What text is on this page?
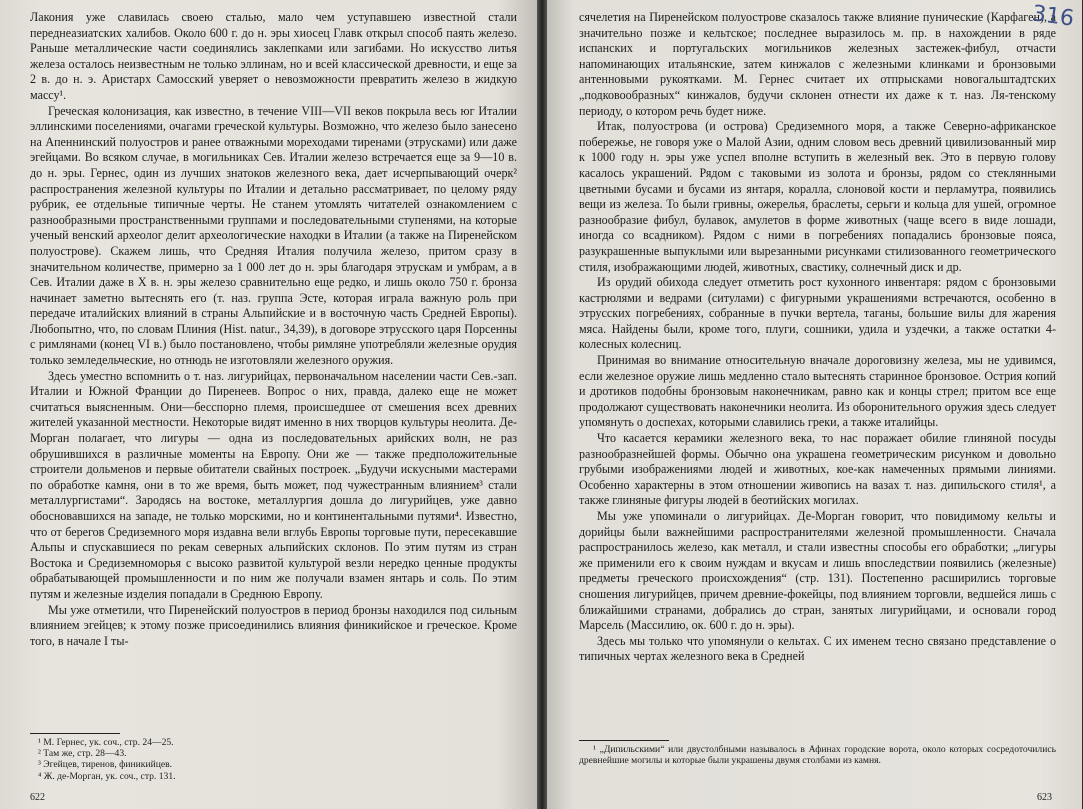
Лакония уже славилась своею сталью, мало чем уступавшею известной стали переднеазиатских халибов. Около 600 г. до н. эры хиосец Главк открыл способ паять железо. Раньше металлические части соединялись заклепками или загибами. Но искусство литья железа осталось неизвестным не только эллинам, но и всей классической древности, и еще за 2 в. до н. э. Аристарх Самосский уверяет о невозможности превратить железо в жидкую массу¹.

Греческая колонизация, как известно, в течение VIII—VII веков покрыла весь юг Италии эллинскими поселениями, очагами греческой культуры. Возможно, что железо было занесено на Апеннинский полуостров и ранее отважными мореходами тиренами (этрусками) или даже эгейцами. Во всяком случае, в могильниках Сев. Италии железо встречается еще за 9—10 в. до н. эры. Гернес, один из лучших знатоков железного века, дает исчерпывающий очерк² распространения железной культуры по Италии и детально рассматривает, по целому ряду рубрик, ее отдельные типичные черты. Не станем утомлять читателей ознакомлением с разнообразными пространственными группами и последовательными ступенями, на которые ученый венский археолог делит археологические находки в Италии (а также на Пиренейском полуострове). Скажем лишь, что Средняя Италия получила железо, притом сразу в значительном количестве, примерно за 1 000 лет до н. эры благодаря этрускам и умбрам, а в Сев. Италии даже в X в. н. эры железо сравнительно еще редко, и лишь около 750 г. бронза начинает заметно вытеснять его (т. наз. группа Эсте, которая играла важную роль при передаче италийских влияний в страны Альпийские и в восточную часть Средней Европы). Любопытно, что, по словам Плиния (Hist. natur., 34,39), в договоре этрусского царя Порсенны с римлянами (конец VI в.) было постановлено, чтобы римляне употребляли железные орудия только земледельческие, но отнюдь не изготовляли железного оружия.

Здесь уместно вспомнить о т. наз. лигурийцах, первоначальном населении части Сев.-зап. Италии и Южной Франции до Пиренеев. Вопрос о них, правда, далеко еще не может считаться выясненным. Они—бесспорно племя, происшедшее от смешения всех древних жителей указанной местности. Некоторые видят именно в них творцов культуры неолита. Де-Морган полагает, что лигуры — одна из последовательных арийских волн, не раз обрушившихся в различные моменты на Европу. Они же — также предположительные строители дольменов и первые обитатели свайных построек. „Будучи искусными мастерами по обработке камня, они в то же время, быть может, под чужестранным влиянием³ стали металлургистами“. Зародясь на востоке, металлургия дошла до лигурийцев, уже давно обосновавшихся на западе, не только морскими, но и континентальными путями⁴. Известно, что от берегов Средиземного моря издавна вели вглубь Европы торговые пути, пересекавшие Альпы и спускавшиеся по рекам северных альпийских склонов. По этим путям из стран Востока и Средиземноморья с высоко развитой культурой везли нередко ценные продукты обрабатывающей промышленности и по ним же получали взамен янтарь и соль. По этим путям и железные изделия попадали в Среднюю Европу.

Мы уже отметили, что Пиренейский полуостров в период бронзы находился под сильным влиянием эгейцев; к этому позже присоединились влияния финикийское и греческое. Кроме того, в начале I ты-

¹ М. Гернес, ук. соч., стр. 24—25.
² Там же, стр. 28—43.
³ Эгейцев, тиренов, финикийцев.
⁴ Ж. де-Морган, ук. соч., стр. 131.
622
316

сячелетия на Пиренейском полуострове сказалось также влияние пунические (Карфаген), а значительно позже и кельтское; последнее выразилось м. пр. в нахождении в ряде испанских и португальских могильников железных застежек-фибул, отчасти напоминающих итальянские, затем кинжалов с железными клинками и бронзовыми антенновыми рукоятками. М. Гернес считает их отпрысками новогальштадтских „подковообразных“ кинжалов, будучи склонен отнести их даже к т. наз. Ля-тенскому периоду, о котором речь будет ниже.

Итак, полуострова (и острова) Средиземного моря, а также Северно-африканское побережье, не говоря уже о Малой Азии, одним словом весь древний цивилизованный мир к 1000 году н. эры уже успел вполне вступить в железный век. Это в первую голову касалось украшений. Рядом с таковыми из золота и бронзы, рядом со стеклянными цветными бусами и бусами из янтаря, коралла, слоновой кости и перламутра, появились вещи из железа. То были гривны, ожерелья, браслеты, серьги и кольца для ушей, огромное разнообразие фибул, булавок, амулетов в форме животных (чаще всего в виде лошади, иногда со всадником). Рядом с ними в погребениях попадались бронзовые пояса, разукрашенные выпуклыми или вырезанными рисунками стилизованного геометрического стиля, изображающими людей, животных, свастику, солнечный диск и др.

Из орудий обихода следует отметить рост кухонного инвентаря: рядом с бронзовыми кастрюлями и ведрами (ситулами) с фигурными украшениями встречаются, особенно в этрусских погребениях, собранные в пучки вертела, таганы, большие вилы для жарения мяса. Найдены были, кроме того, плуги, сошники, удила и уздечки, а также остатки 4-колесных колесниц.

Принимая во внимание относительную вначале дороговизну железа, мы не удивимся, если железное оружие лишь медленно стало вытеснять старинное бронзовое. Острия копий и дротиков подобны бронзовым наконечникам, равно как и концы стрел; притом все еще продолжают существовать наконечники неолита. Из оборонительного оружия здесь следует упомянуть о доспехах, которыми славились греки, а также италийцы.

Что касается керамики железного века, то нас поражает обилие глиняной посуды разнообразнейшей формы. Обычно она украшена геометрическим рисунком и довольно грубыми изображениями людей и животных, кое-как намеченных прямыми линиями. Особенно характерны в этом отношении живопись на вазах т. наз. дипильского стиля¹, а также глиняные фигуры людей в беотийских могилах.

Мы уже упоминали о лигурийцах. Де-Морган говорит, что повидимому кельты и дорийцы были важнейшими распространителями железной промышленности. Сначала распространилось железо, как металл, и стали известны способы его обработки; „лигуры же применили его к своим нуждам и вкусам и лишь впоследствии появились (железные) предметы греческого происхождения“ (стр. 131). Постепенно расширились торговые сношения лигурийцев, причем древние-фокейцы, под влиянием торговли, ведшейся лишь с ближайшими странами, добрались до стран, занятых лигурийцами, и основали город Марсель (Массилию, ок. 600 г. до н. эры).

Здесь мы только что упомянули о кельтах. С их именем тесно связано представление о типичных чертах железного века в Средней

¹ „Дипильскими“ или двустолбными называлось в Афинах городские ворота, около которых сосредоточились древнейшие могилы и которые были украшены двумя столбами из камня.
623
